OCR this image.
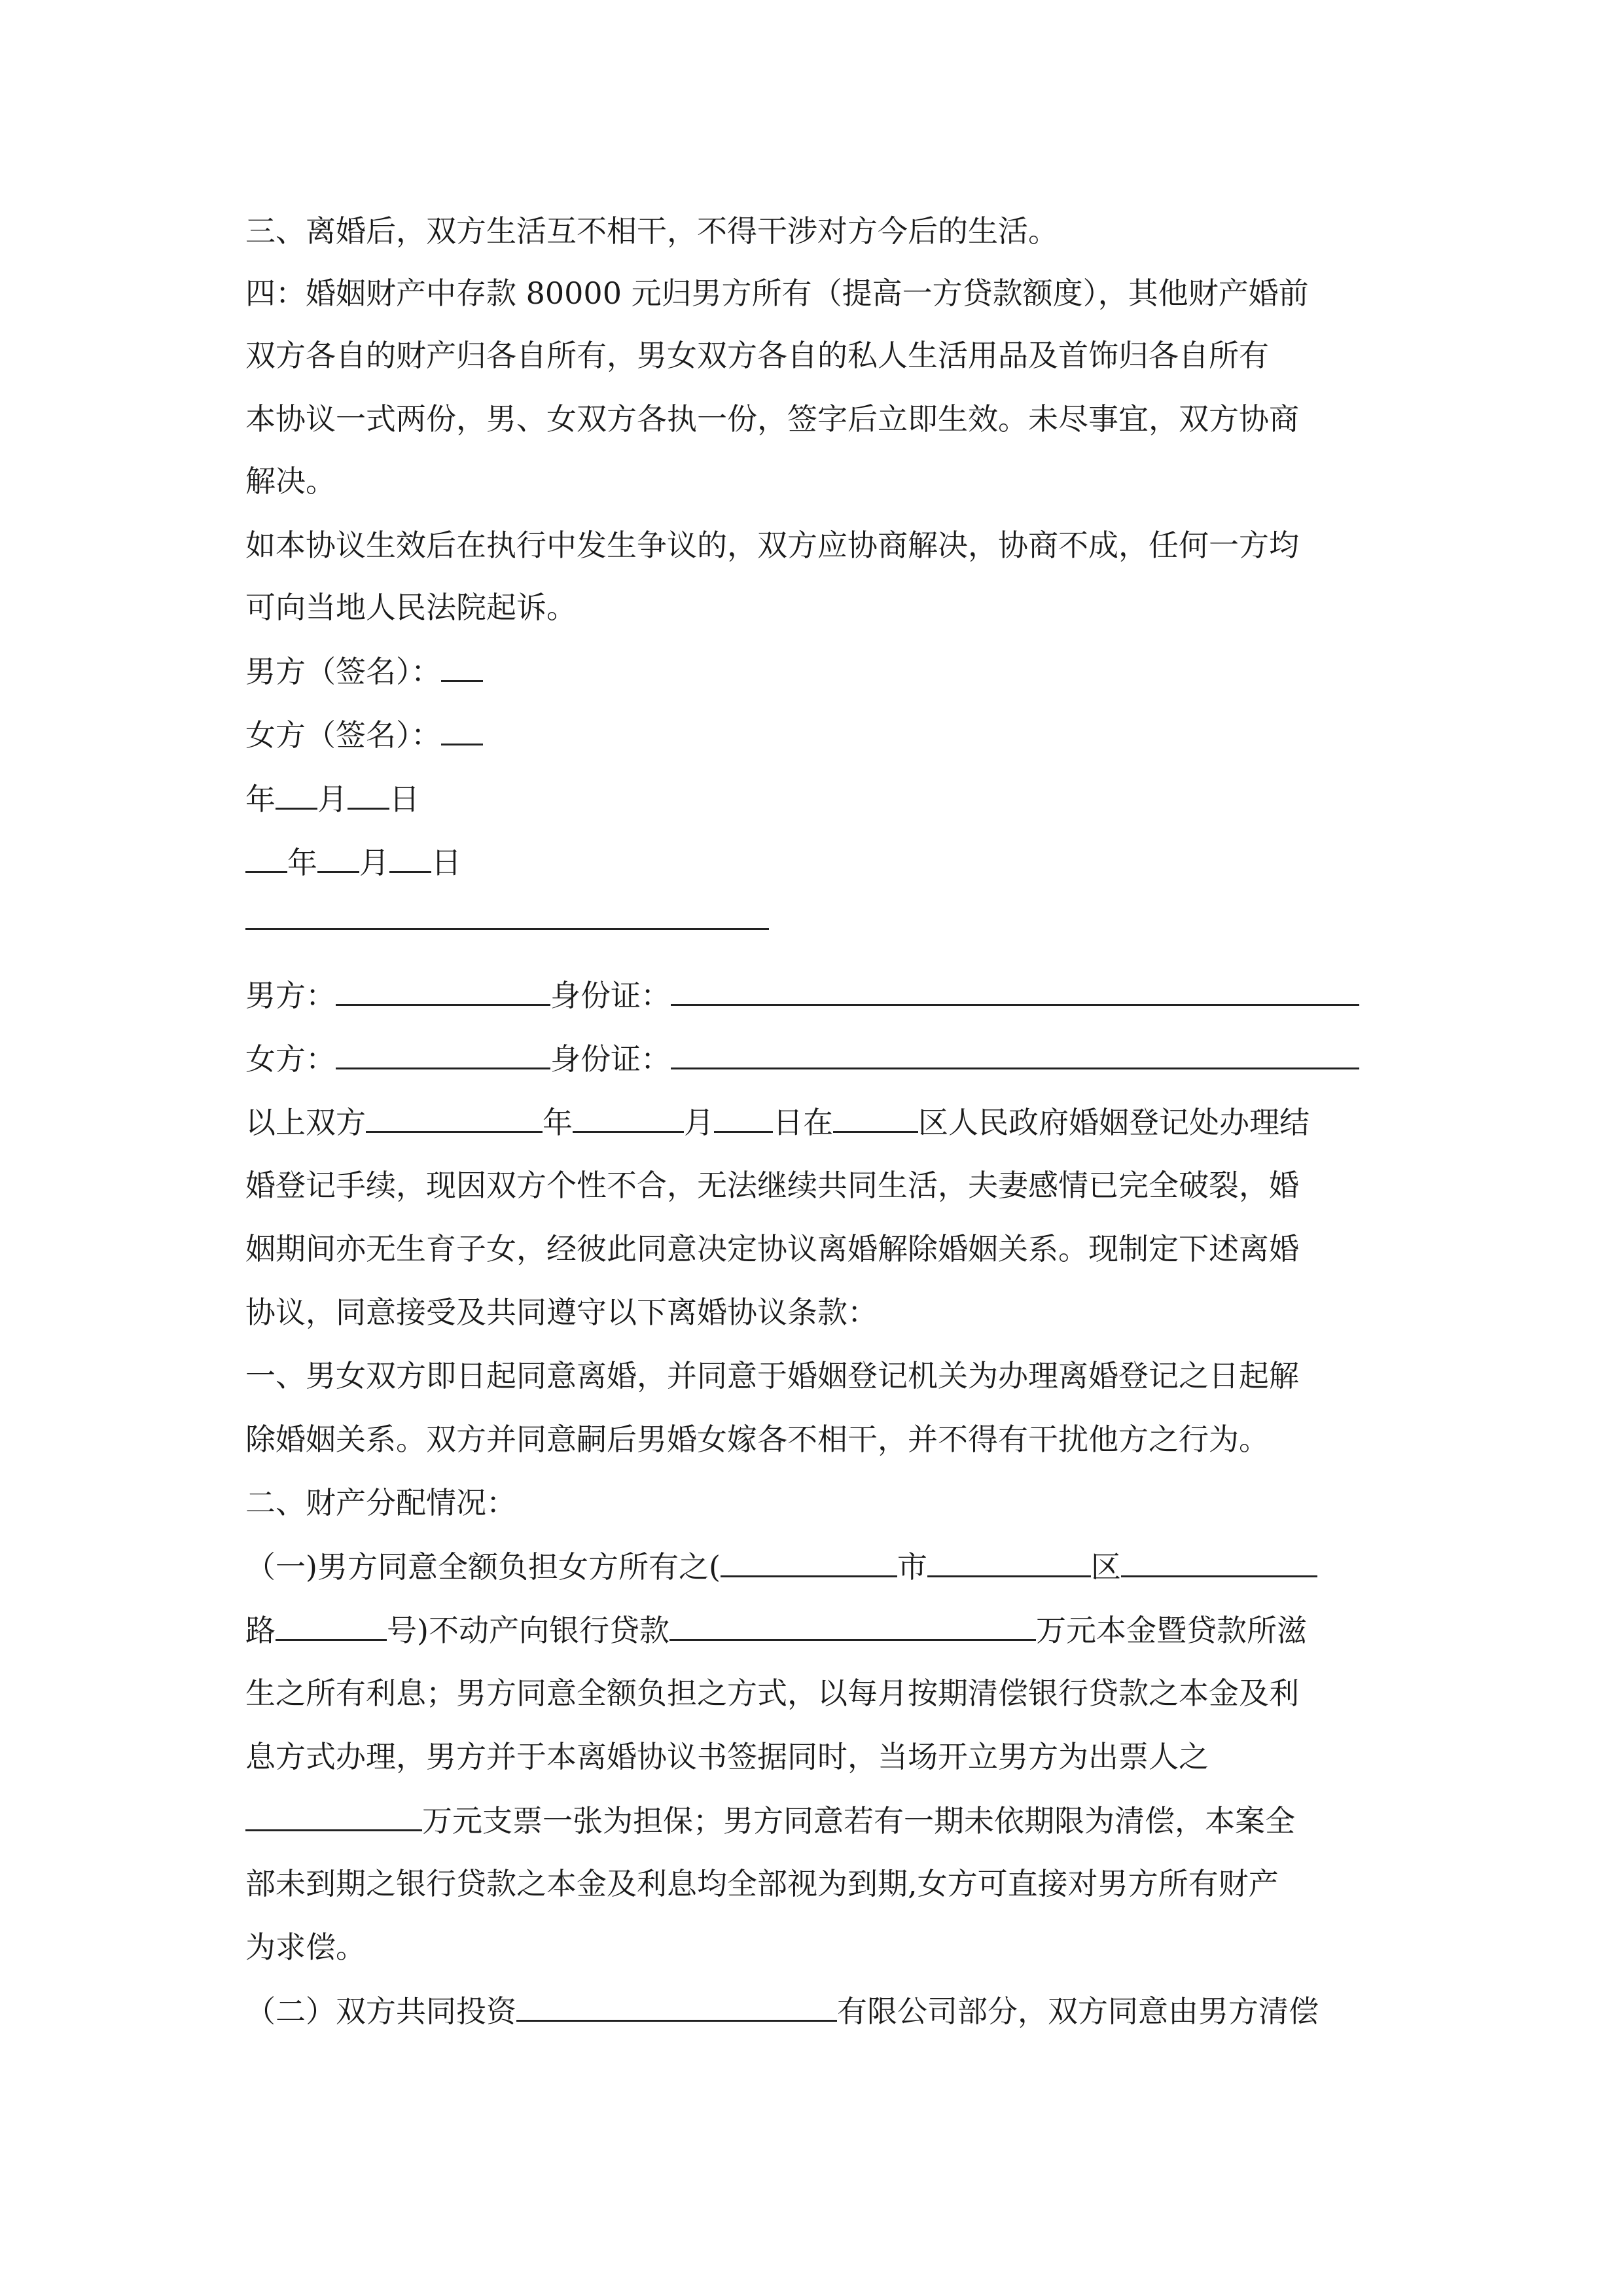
三、离婚后，双方生活互不相干，不得干涉对方今后的生活。
四：婚姻财产中存款 80000 元归男方所有（提高一方贷款额度），其他财产婚前
双方各自的财产归各自所有，男女双方各自的私人生活用品及首饰归各自所有
本协议一式两份，男、女双方各执一份，签字后立即生效。未尽事宜，双方协商
解决。
如本协议生效后在执行中发生争议的，双方应协商解决，协商不成，任何一方均
可向当地人民法院起诉。
男方（签名）：
女方（签名）：
年 月 日
年 月 日
男方：	身份证：
女方：	身份证：
以上双方	年	月 日在	区人民政府婚姻登记处办理结
婚登记手续，现因双方个性不合，无法继续共同生活，夫妻感情已完全破裂，婚
姻期间亦无生育子女，经彼此同意决定协议离婚解除婚姻关系。现制定下述离婚
协议，同意接受及共同遵守以下离婚协议条款：
一、男女双方即日起同意离婚，并同意于婚姻登记机关为办理离婚登记之日起解
除婚姻关系。双方并同意嗣后男婚女嫁各不相干，并不得有干扰他方之行为。
二、财产分配情况：
（一)男方同意全额负担女方所有之(	市	区
路	号)不动产向银行贷款	万元本金暨贷款所滋
生之所有利息；男方同意全额负担之方式，以每月按期清偿银行贷款之本金及利
息方式办理，男方并于本离婚协议书签据同时，当场开立男方为出票人之
万元支票一张为担保；男方同意若有一期未依期限为清偿，本案全
部未到期之银行贷款之本金及利息均全部视为到期,女方可直接对男方所有财产
为求偿。
（二）双方共同投资	有限公司部分，双方同意由男方清偿
